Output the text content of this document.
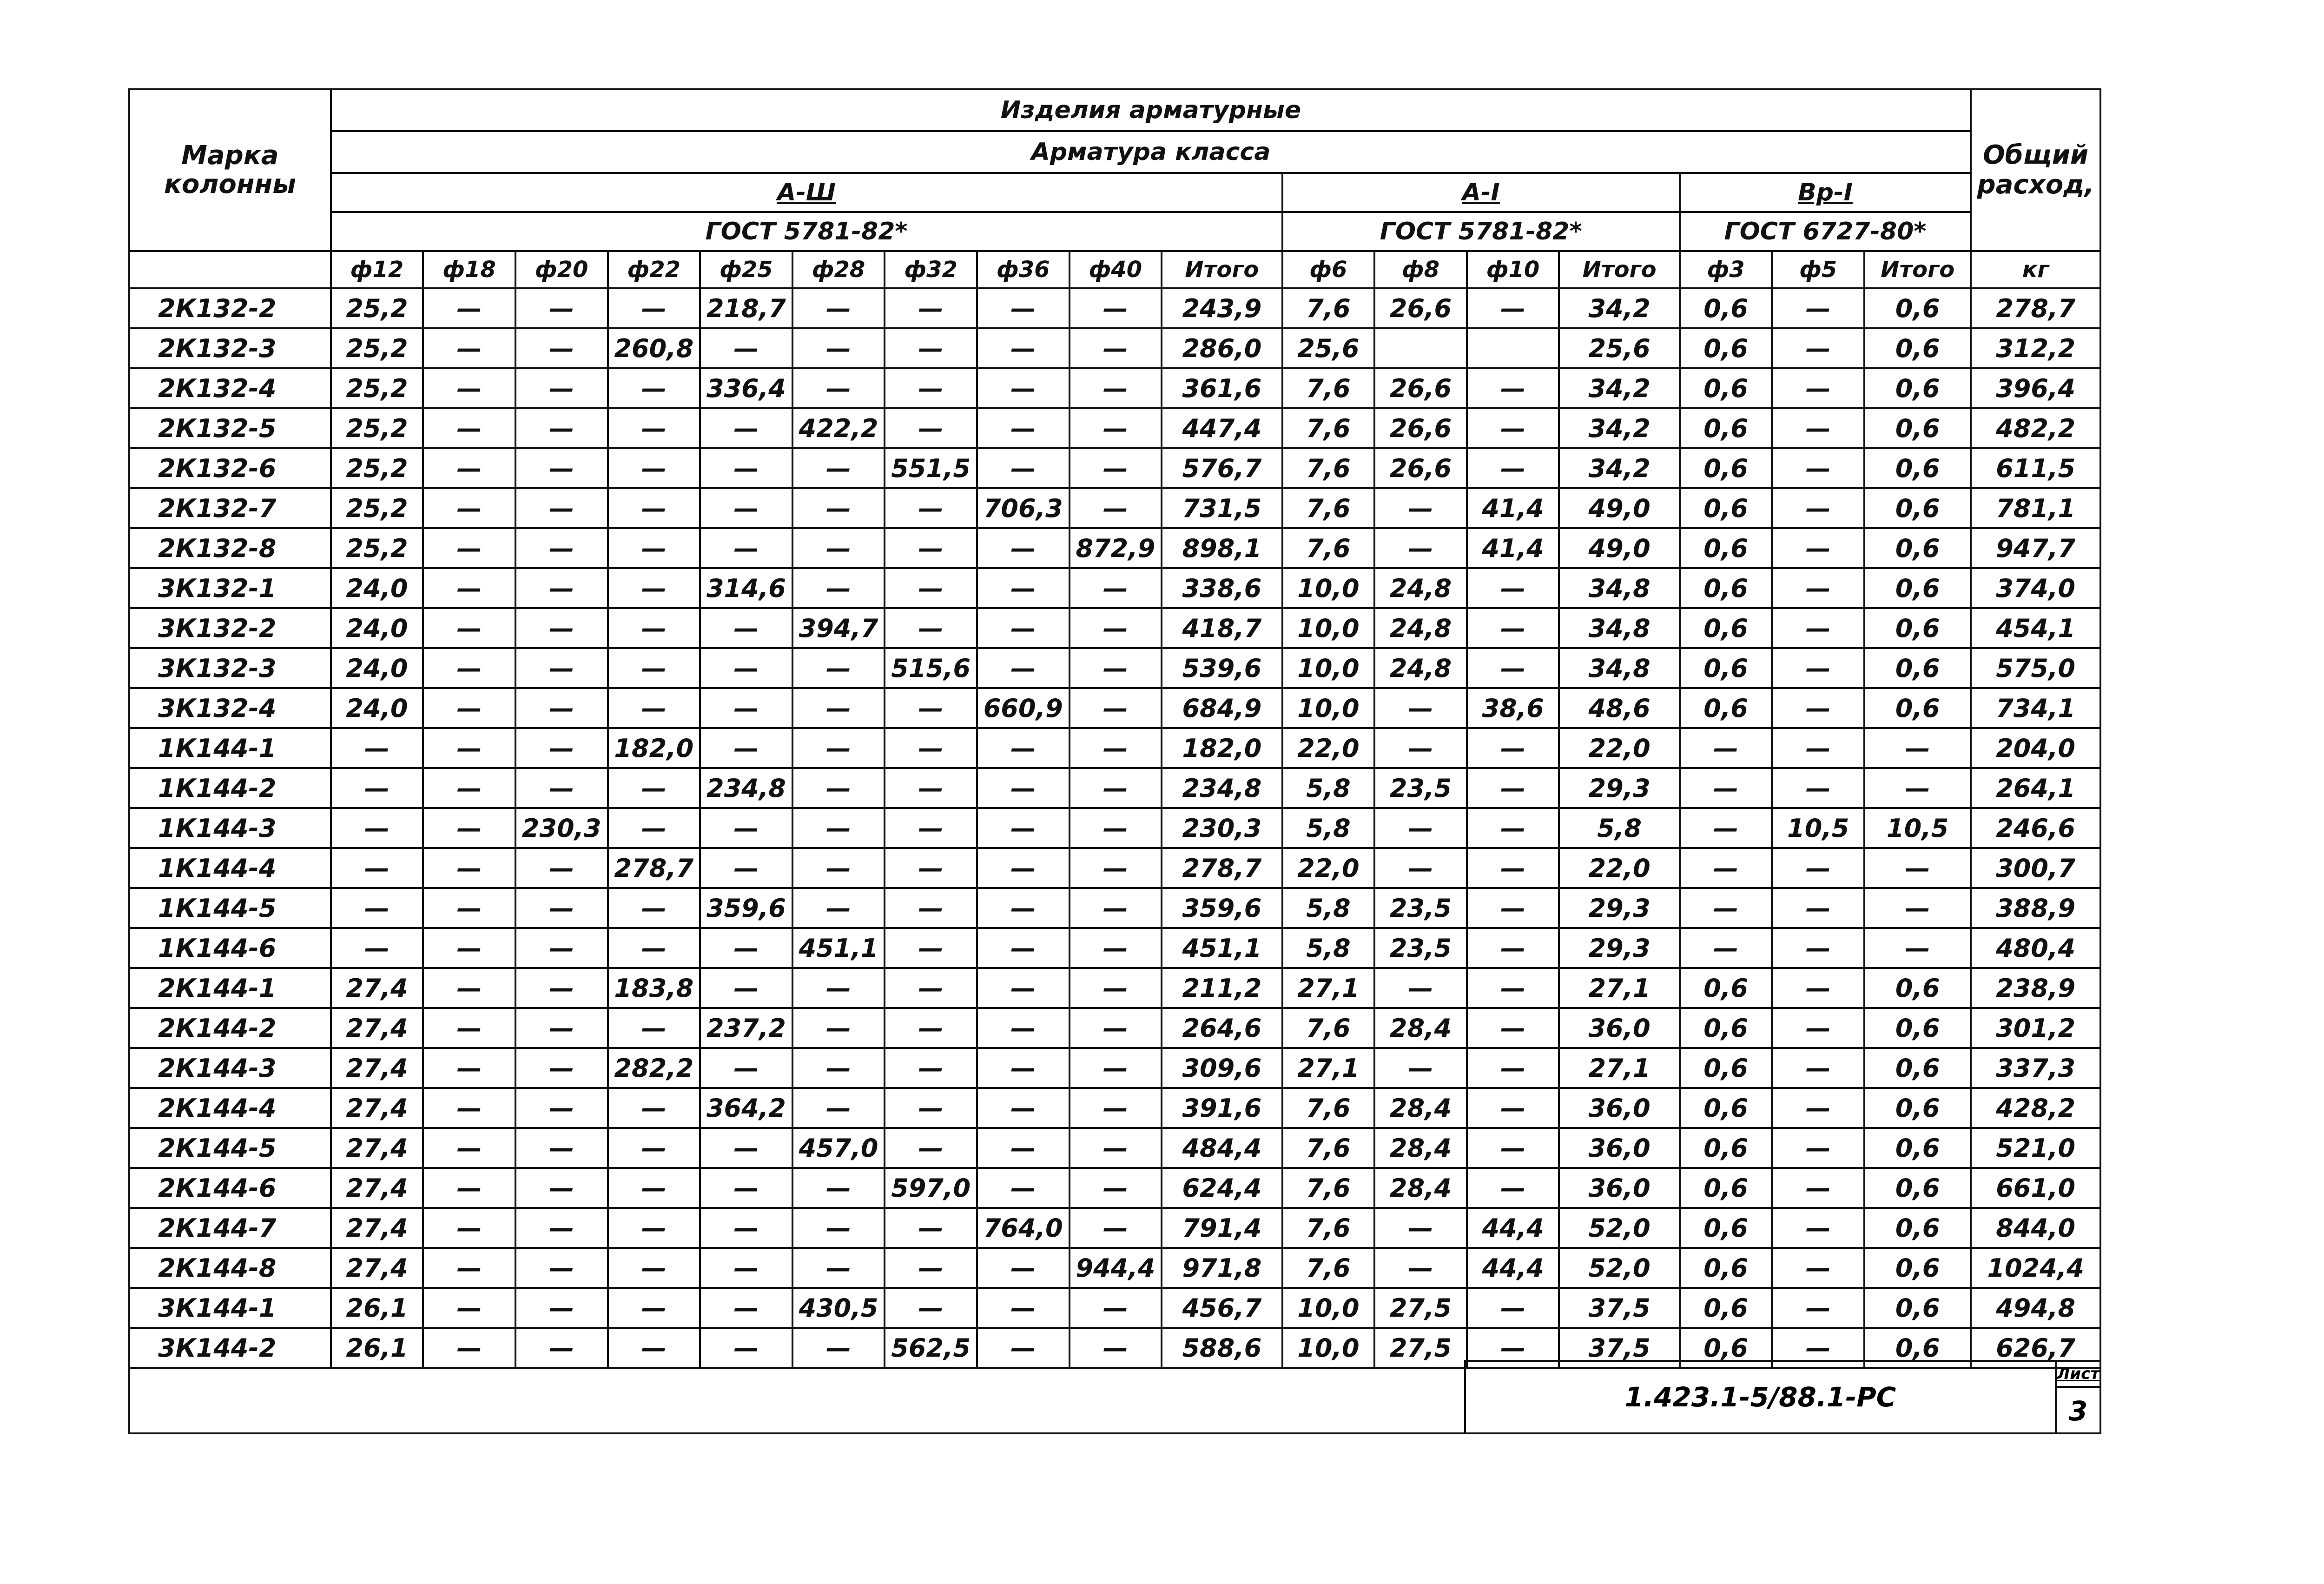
Марка колонны	Изделия арматурные																	Общий расход,
	Арматура класса																	
	А-Ш										А-I				Вр-I			
	ГОСТ 5781-82*										ГОСТ 5781-82*				ГОСТ 6727-80*			
	ф12	ф18	ф20	ф22	ф25	ф28	ф32	ф36	ф40	Итого	ф6	ф8	ф10	Итого	ф3	ф5	Итого	кг
2К132-2	25,2	—	—	—	218,7	—	—	—	—	243,9	7,6	26,6	—	34,2	0,6	—	0,6	278,7
2К132-3	25,2	—	—	260,8	—	—	—	—	—	286,0	25,6			25,6	0,6	—	0,6	312,2
2К132-4	25,2	—	—	—	336,4	—	—	—	—	361,6	7,6	26,6	—	34,2	0,6	—	0,6	396,4
2К132-5	25,2	—	—	—	—	422,2	—	—	—	447,4	7,6	26,6	—	34,2	0,6	—	0,6	482,2
2К132-6	25,2	—	—	—	—	—	551,5	—	—	576,7	7,6	26,6	—	34,2	0,6	—	0,6	611,5
2К132-7	25,2	—	—	—	—	—	—	706,3	—	731,5	7,6	—	41,4	49,0	0,6	—	0,6	781,1
2К132-8	25,2	—	—	—	—	—	—	—	872,9	898,1	7,6	—	41,4	49,0	0,6	—	0,6	947,7
3К132-1	24,0	—	—	—	314,6	—	—	—	—	338,6	10,0	24,8	—	34,8	0,6	—	0,6	374,0
3К132-2	24,0	—	—	—	—	394,7	—	—	—	418,7	10,0	24,8	—	34,8	0,6	—	0,6	454,1
3К132-3	24,0	—	—	—	—	—	515,6	—	—	539,6	10,0	24,8	—	34,8	0,6	—	0,6	575,0
3К132-4	24,0	—	—	—	—	—	—	660,9	—	684,9	10,0	—	38,6	48,6	0,6	—	0,6	734,1
1К144-1	—	—	—	182,0	—	—	—	—	—	182,0	22,0	—	—	22,0	—	—	—	204,0
1К144-2	—	—	—	—	234,8	—	—	—	—	234,8	5,8	23,5	—	29,3	—	—	—	264,1
1К144-3	—	—	230,3	—	—	—	—	—	—	230,3	5,8	—	—	5,8	—	10,5	10,5	246,6
1К144-4	—	—	—	278,7	—	—	—	—	—	278,7	22,0	—	—	22,0	—	—	—	300,7
1К144-5	—	—	—	—	359,6	—	—	—	—	359,6	5,8	23,5	—	29,3	—	—	—	388,9
1К144-6	—	—	—	—	—	451,1	—	—	—	451,1	5,8	23,5	—	29,3	—	—	—	480,4
2К144-1	27,4	—	—	183,8	—	—	—	—	—	211,2	27,1	—	—	27,1	0,6	—	0,6	238,9
2К144-2	27,4	—	—	—	237,2	—	—	—	—	264,6	7,6	28,4	—	36,0	0,6	—	0,6	301,2
2К144-3	27,4	—	—	282,2	—	—	—	—	—	309,6	27,1	—	—	27,1	0,6	—	0,6	337,3
2К144-4	27,4	—	—	—	364,2	—	—	—	—	391,6	7,6	28,4	—	36,0	0,6	—	0,6	428,2
2К144-5	27,4	—	—	—	—	457,0	—	—	—	484,4	7,6	28,4	—	36,0	0,6	—	0,6	521,0
2К144-6	27,4	—	—	—	—	—	597,0	—	—	624,4	7,6	28,4	—	36,0	0,6	—	0,6	661,0
2К144-7	27,4	—	—	—	—	—	—	764,0	—	791,4	7,6	—	44,4	52,0	0,6	—	0,6	844,0
2К144-8	27,4	—	—	—	—	—	—	—	944,4	971,8	7,6	—	44,4	52,0	0,6	—	0,6	1024,4
3К144-1	26,1	—	—	—	—	430,5	—	—	—	456,7	10,0	27,5	—	37,5	0,6	—	0,6	494,8
3К144-2	26,1	—	—	—	—	—	562,5	—	—	588,6	10,0	27,5	—	37,5	0,6	—	0,6	626,7
1.423.1-5/88.1-РС
Лист
3
